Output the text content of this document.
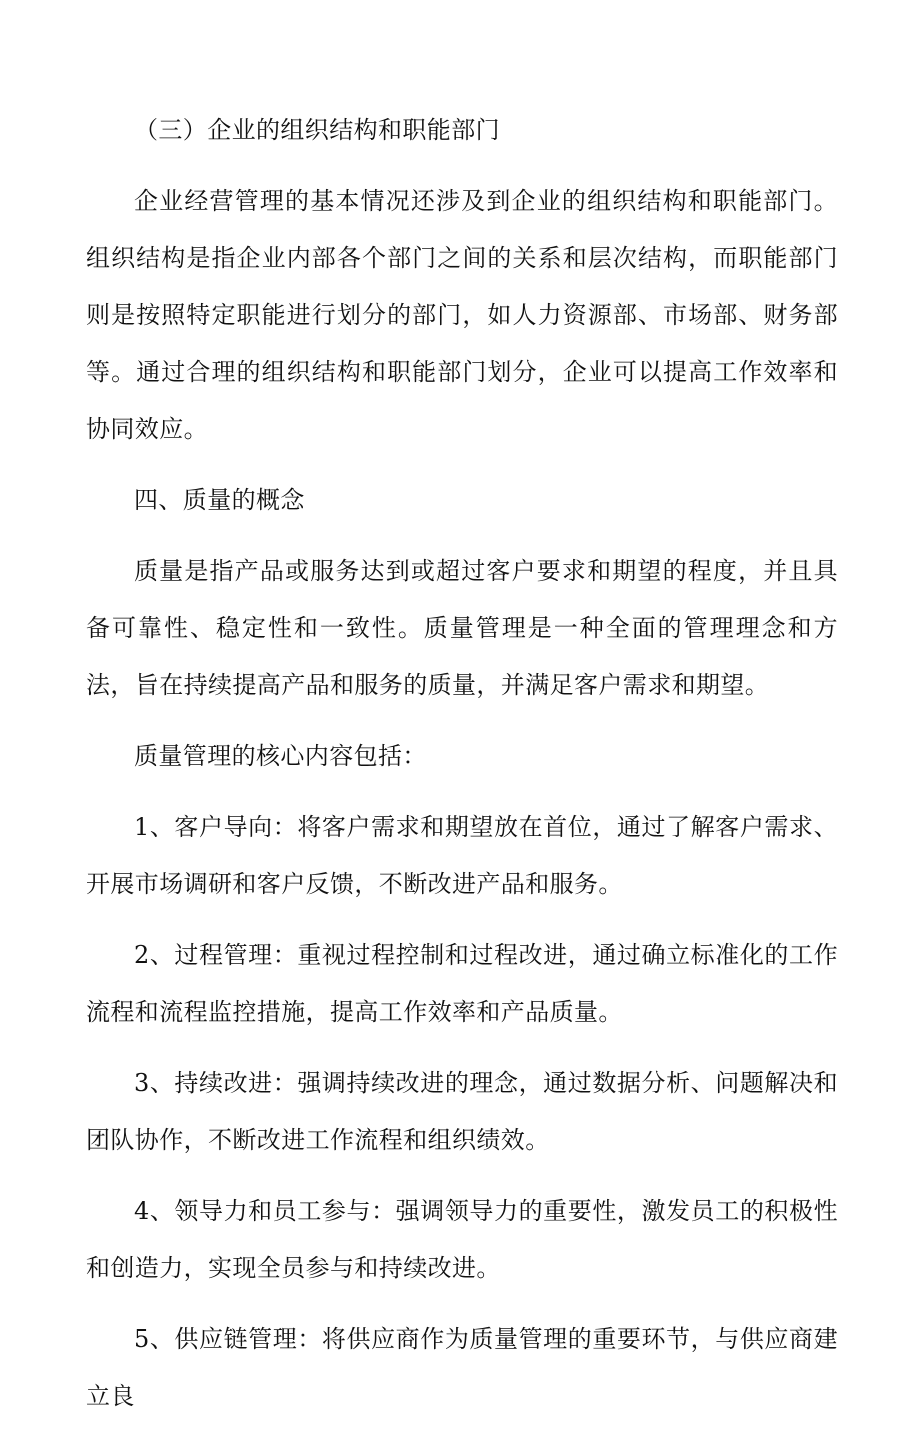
（三）企业的组织结构和职能部门

企业经营管理的基本情况还涉及到企业的组织结构和职能部门。组织结构是指企业内部各个部门之间的关系和层次结构，而职能部门则是按照特定职能进行划分的部门，如人力资源部、市场部、财务部等。通过合理的组织结构和职能部门划分，企业可以提高工作效率和协同效应。

四、质量的概念

质量是指产品或服务达到或超过客户要求和期望的程度，并且具备可靠性、稳定性和一致性。质量管理是一种全面的管理理念和方法，旨在持续提高产品和服务的质量，并满足客户需求和期望。

质量管理的核心内容包括：

1、客户导向：将客户需求和期望放在首位，通过了解客户需求、开展市场调研和客户反馈，不断改进产品和服务。

2、过程管理：重视过程控制和过程改进，通过确立标准化的工作流程和流程监控措施，提高工作效率和产品质量。

3、持续改进：强调持续改进的理念，通过数据分析、问题解决和团队协作，不断改进工作流程和组织绩效。

4、领导力和员工参与：强调领导力的重要性，激发员工的积极性和创造力，实现全员参与和持续改进。

5、供应链管理：将供应商作为质量管理的重要环节，与供应商建立良
